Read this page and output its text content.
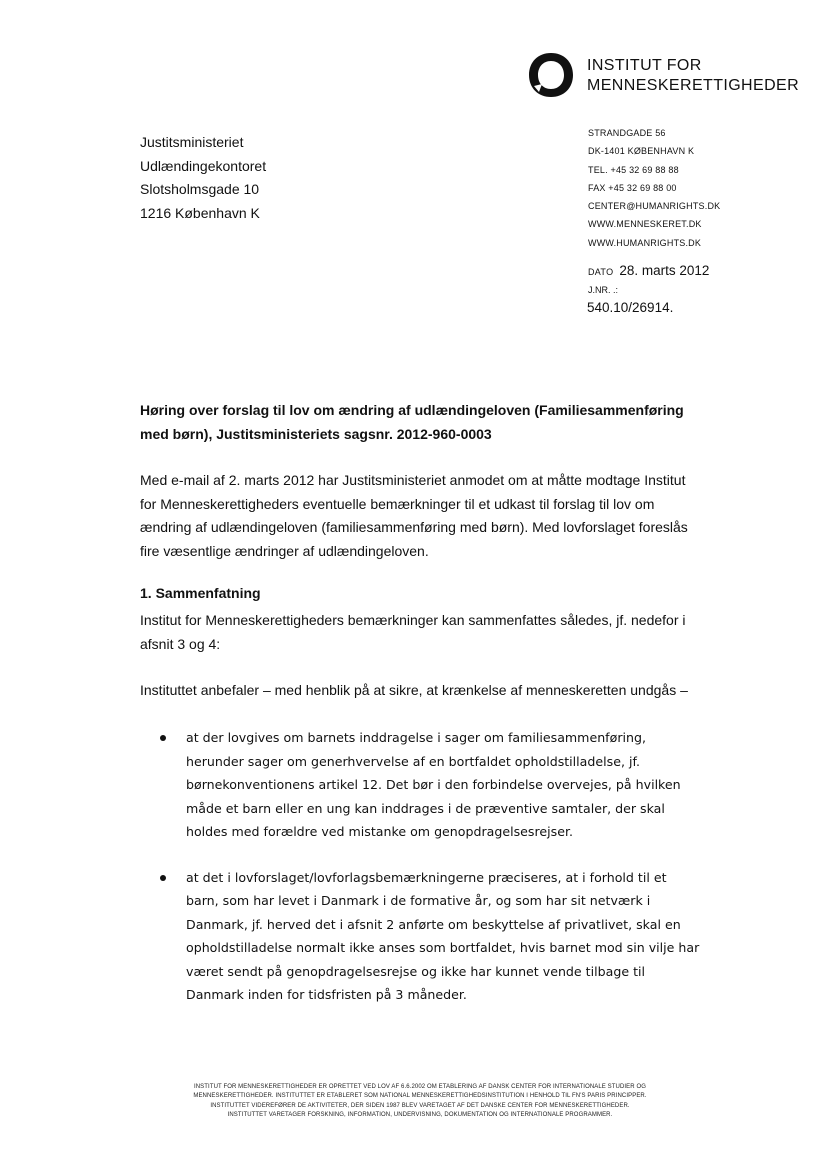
INSTITUT FOR
MENNESKERETTIGHEDER
Justitsministeriet
Udlændingekontoret
Slotsholmsgade 10
1216 København K
STRANDGADE 56
DK-1401 KØBENHAVN K
TEL. +45 32 69 88 88
FAX +45 32 69 88 00
CENTER@HUMANRIGHTS.DK
WWW.MENNESKERET.DK
WWW.HUMANRIGHTS.DK
DATO 28. marts 2012
J.NR. .:
540.10/26914.
Høring over forslag til lov om ændring af udlændingeloven (Familiesammenføring med børn), Justitsministeriets sagsnr. 2012-960-0003
Med e-mail af 2. marts 2012 har Justitsministeriet anmodet om at måtte modtage Institut for Menneskerettigheders eventuelle bemærkninger til et udkast til forslag til lov om ændring af udlændingeloven (familiesammenføring med børn). Med lovforslaget foreslås fire væsentlige ændringer af udlændingeloven.
1. Sammenfatning
Institut for Menneskerettigheders bemærkninger kan sammenfattes således, jf. nedefor i afsnit 3 og 4:
Instituttet anbefaler – med henblik på at sikre, at krænkelse af menneskeretten undgås –
at der lovgives om barnets inddragelse i sager om familiesammenføring, herunder sager om generhvervelse af en bortfaldet opholdstilladelse, jf. børnekonventionens artikel 12. Det bør i den forbindelse overvejes, på hvilken måde et barn eller en ung kan inddrages i de præventive samtaler, der skal holdes med forældre ved mistanke om genopdragelsesrejser.
at det i lovforslaget/lovforlagsbemærkningerne præciseres, at i forhold til et barn, som har levet i Danmark i de formative år, og som har sit netværk i Danmark, jf. herved det i afsnit 2 anførte om beskyttelse af privatlivet, skal en opholdstilladelse normalt ikke anses som bortfaldet, hvis barnet mod sin vilje har været sendt på genopdragelsesrejse og ikke har kunnet vende tilbage til Danmark inden for tidsfristen på 3 måneder.
INSTITUT FOR MENNESKERETTIGHEDER ER OPRETTET VED LOV AF 6.6.2002 OM ETABLERING AF DANSK CENTER FOR INTERNATIONALE STUDIER OG
MENNESKERETTIGHEDER. INSTITUTTET ER ETABLERET SOM NATIONAL MENNESKERETTIGHEDSINSTITUTION I HENHOLD TIL FN'S PARIS PRINCIPPER.
INSTITUTTET VIDEREFØRER DE AKTIVITETER, DER SIDEN 1987 BLEV VARETAGET AF DET DANSKE CENTER FOR MENNESKERETTIGHEDER.
INSTITUTTET VARETAGER FORSKNING, INFORMATION, UNDERVISNING, DOKUMENTATION OG INTERNATIONALE PROGRAMMER.
